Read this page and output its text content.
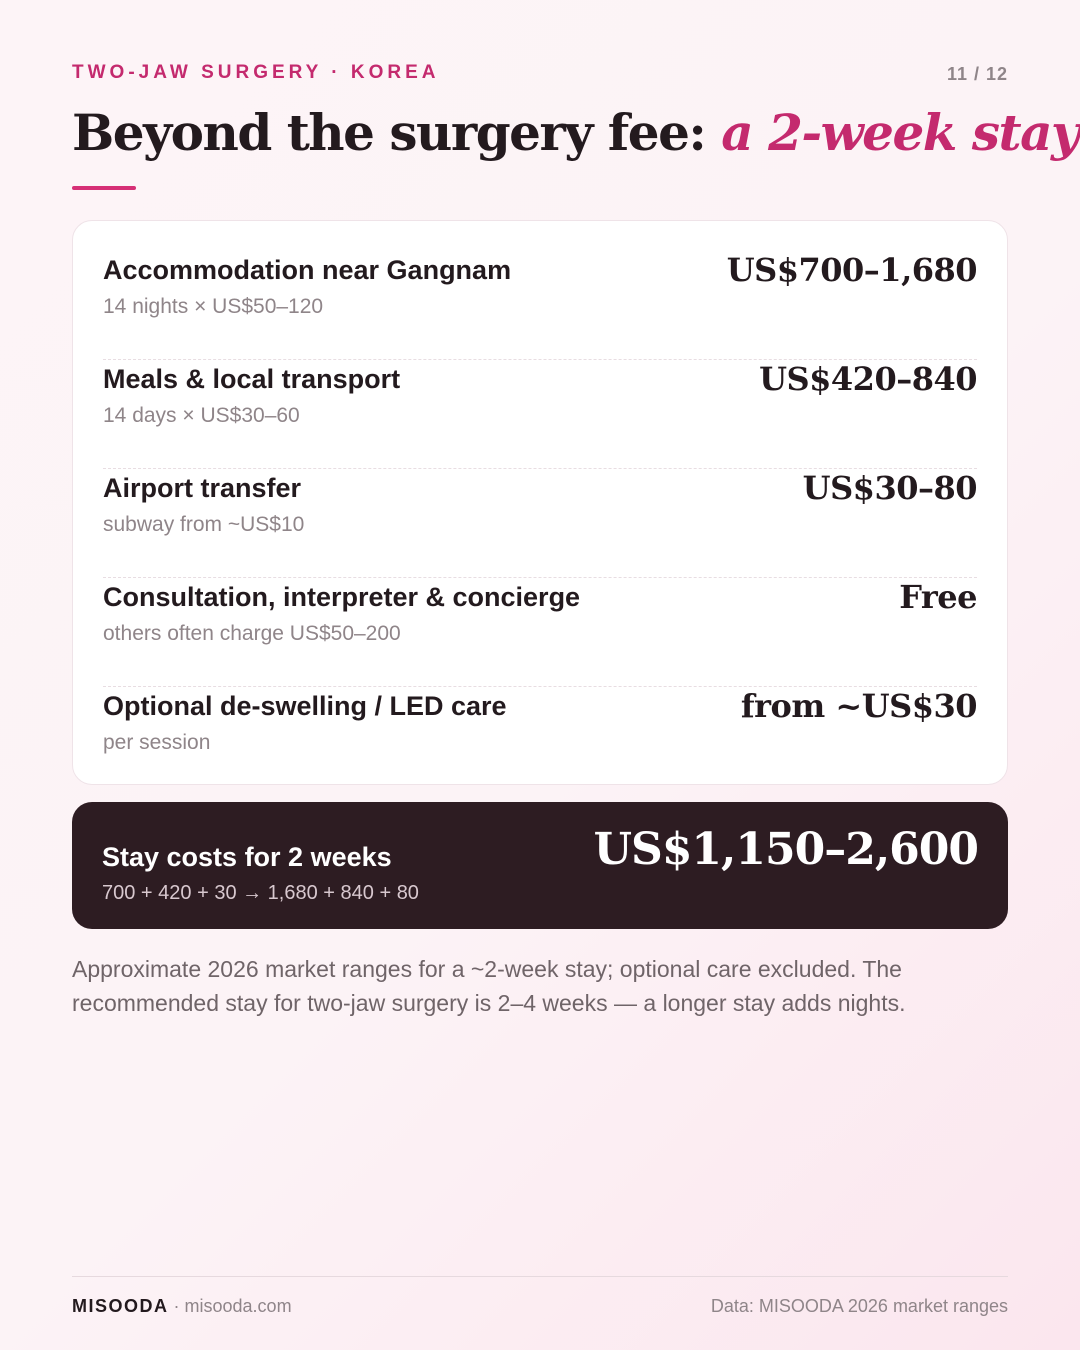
TWO-JAW SURGERY · KOREA	11 / 12
Beyond the surgery fee: a 2-week stay
Accommodation near Gangnam
14 nights × US$50–120
US$700–1,680
Meals & local transport
14 days × US$30–60
US$420–840
Airport transfer
subway from ~US$10
US$30–80
Consultation, interpreter & concierge
others often charge US$50–200
Free
Optional de-swelling / LED care
per session
from ~US$30
Stay costs for 2 weeks
700 + 420 + 30 → 1,680 + 840 + 80
US$1,150–2,600

Approximate 2026 market ranges for a ~2-week stay; optional care excluded. The recommended stay for two-jaw surgery is 2–4 weeks — a longer stay adds nights.

MISOODA · misooda.com	Data: MISOODA 2026 market ranges
